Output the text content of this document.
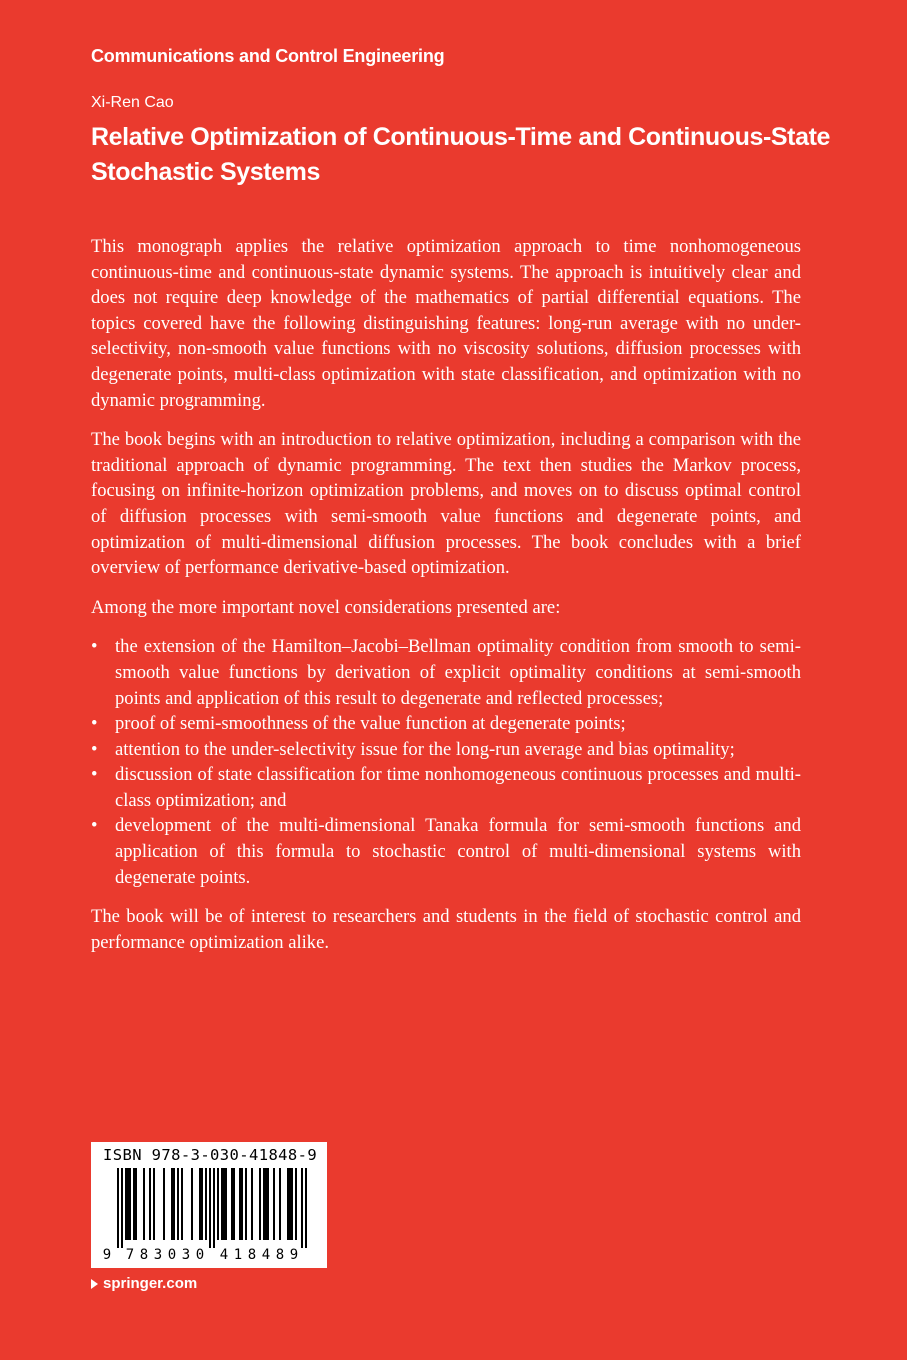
Communications and Control Engineering
Xi-Ren Cao
Relative Optimization of Continuous-Time and Continuous-State Stochastic Systems

This monograph applies the relative optimization approach to time nonhomogeneous continuous-time and continuous-state dynamic systems. The approach is intuitively clear and does not require deep knowledge of the mathematics of partial differential equations. The topics covered have the following distinguishing features: long-run average with no under-selectivity, non-smooth value functions with no viscosity solutions, diffusion processes with degenerate points, multi-class optimization with state classification, and optimization with no dynamic programming.

The book begins with an introduction to relative optimization, including a comparison with the traditional approach of dynamic programming. The text then studies the Markov process, focusing on infinite-horizon optimization problems, and moves on to discuss optimal control of diffusion processes with semi-smooth value functions and degenerate points, and optimization of multi-dimensional diffusion processes. The book concludes with a brief overview of performance derivative-based optimization.

Among the more important novel considerations presented are:

• the extension of the Hamilton–Jacobi–Bellman optimality condition from smooth to semi-smooth value functions by derivation of explicit optimality conditions at semi-smooth points and application of this result to degenerate and reflected processes;
• proof of semi-smoothness of the value function at degenerate points;
• attention to the under-selectivity issue for the long-run average and bias optimality;
• discussion of state classification for time nonhomogeneous continuous processes and multi-class optimization; and
• development of the multi-dimensional Tanaka formula for semi-smooth functions and application of this formula to stochastic control of multi-dimensional systems with degenerate points.

The book will be of interest to researchers and students in the field of stochastic control and performance optimization alike.

9 7 8 3 0 3 0 4 1 8 4 8 9
ISBN 978-3-030-41848-9
springer.com
